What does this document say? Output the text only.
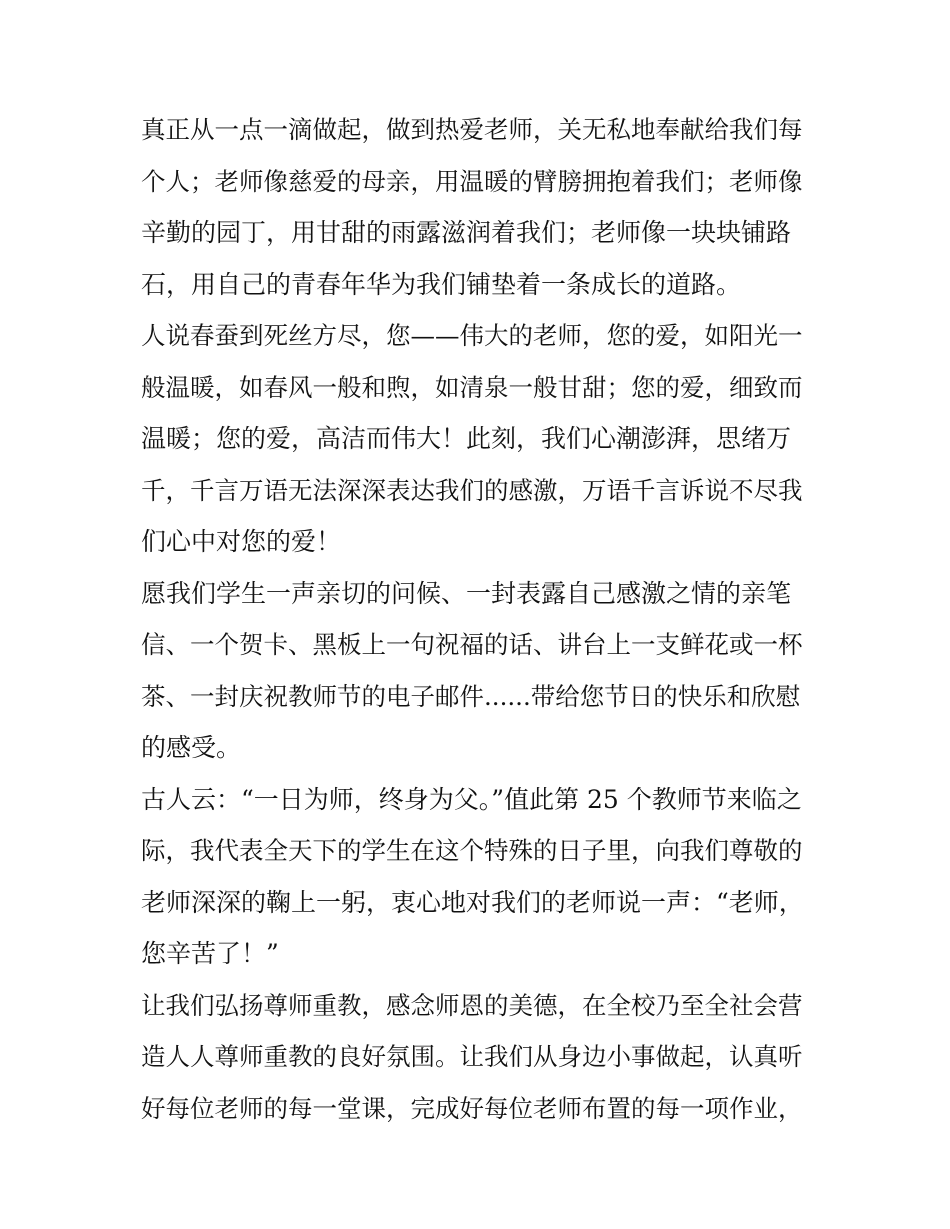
真正从一点一滴做起，做到热爱老师，关无私地奉献给我们每
个人；老师像慈爱的母亲，用温暖的臂膀拥抱着我们；老师像
辛勤的园丁，用甘甜的雨露滋润着我们；老师像一块块铺路
石，用自己的青春年华为我们铺垫着一条成长的道路。
人说春蚕到死丝方尽，您——伟大的老师，您的爱，如阳光一
般温暖，如春风一般和煦，如清泉一般甘甜；您的爱，细致而
温暖；您的爱，高洁而伟大！此刻，我们心潮澎湃，思绪万
千，千言万语无法深深表达我们的感激，万语千言诉说不尽我
们心中对您的爱！
愿我们学生一声亲切的问候、一封表露自己感激之情的亲笔
信、一个贺卡、黑板上一句祝福的话、讲台上一支鲜花或一杯
茶、一封庆祝教师节的电子邮件......带给您节日的快乐和欣慰
的感受。
古人云：“一日为师，终身为父。”值此第 25 个教师节来临之
际，我代表全天下的学生在这个特殊的日子里，向我们尊敬的
老师深深的鞠上一躬，衷心地对我们的老师说一声：“老师，
您辛苦了！”
让我们弘扬尊师重教，感念师恩的美德，在全校乃至全社会营
造人人尊师重教的良好氛围。让我们从身边小事做起，认真听
好每位老师的每一堂课，完成好每位老师布置的每一项作业，
